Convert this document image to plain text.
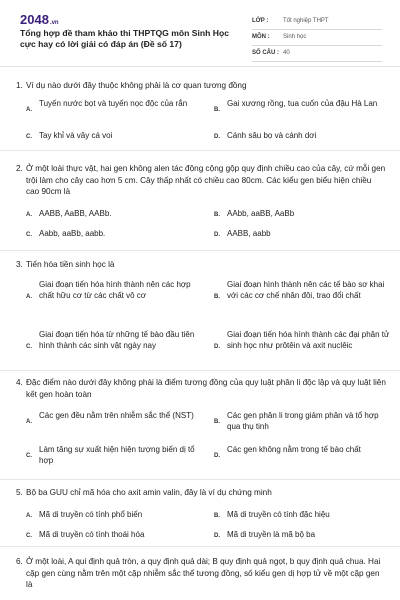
2048.vn
Tổng hợp đề tham khảo thi THPTQG môn Sinh Học cực hay có lời giải có đáp án (Đề số 17)
LỚP : Tốt nghiệp THPT
MÔN : Sinh học
SỐ CÂU : 40
1. Ví dụ nào dưới đây thuộc không phải là cơ quan tương đồng
A.
Tuyến nước bọt và tuyến nọc độc của rắn
B.
Gai xương rồng, tua cuốn của đậu Hà Lan
C. Tay khỉ và vây cá voi	D. Cánh sâu bọ và cánh dơi
2. Ở một loài thực vật, hai gen không alen tác động cộng gộp quy định chiều cao của cây, cứ mỗi gen trội làm cho cây cao hơn 5 cm. Cây thấp nhất có chiều cao 80cm. Các kiểu gen biểu hiện chiều cao 90cm là
A. AABB, AaBB, AABb.	B. AAbb, aaBB, AaBb
C. Aabb, aaBb, aabb.	D. AABB, aabb
3. Tiến hóa tiền sinh học là
A.
Giai đoạn tiến hóa hình thành nên các hợp chất hữu cơ từ các chất vô cơ	B.
Giai đoạn hình thành nên các tế bào sơ khai với các cơ chế nhân đôi, trao đổi chất
C.
Giai đoạn tiến hóa từ những tế bào đầu tiên hình thành các sinh vật ngày nay	D.
Giai đoạn tiến hóa hình thành các đại phân tử sinh học như prôtêin và axit nuclêic
4. Đặc điểm nào dưới đây không phải là điểm tương đồng của quy luật phân li độc lập và quy luật liên kết gen hoàn toàn
A.
Các gen đều nằm trên nhiễm sắc thể (NST)
B.
Các gen phân li trong giảm phân và tổ hợp qua thụ tinh
C.
Làm tăng sự xuất hiện hiện tượng biến dị tổ hợp	D.
Các gen không nằm trong tế bào chất
5. Bộ ba GUU chỉ mã hóa cho axit amin valin, đây là ví dụ chứng minh
A. Mã di truyền có tính phổ biến	B. Mã di truyền có tính đặc hiệu
C. Mã di truyền có tính thoái hóa	D. Mã di truyền là mã bộ ba
6. Ở một loài, A qui định quả tròn, a quy định quả dài; B quy định quả ngọt, b quy định quả chua. Hai cặp gen cùng nằm trên một cặp nhiễm sắc thể tương đồng, số kiểu gen dị hợp tử về một cặp gen là
